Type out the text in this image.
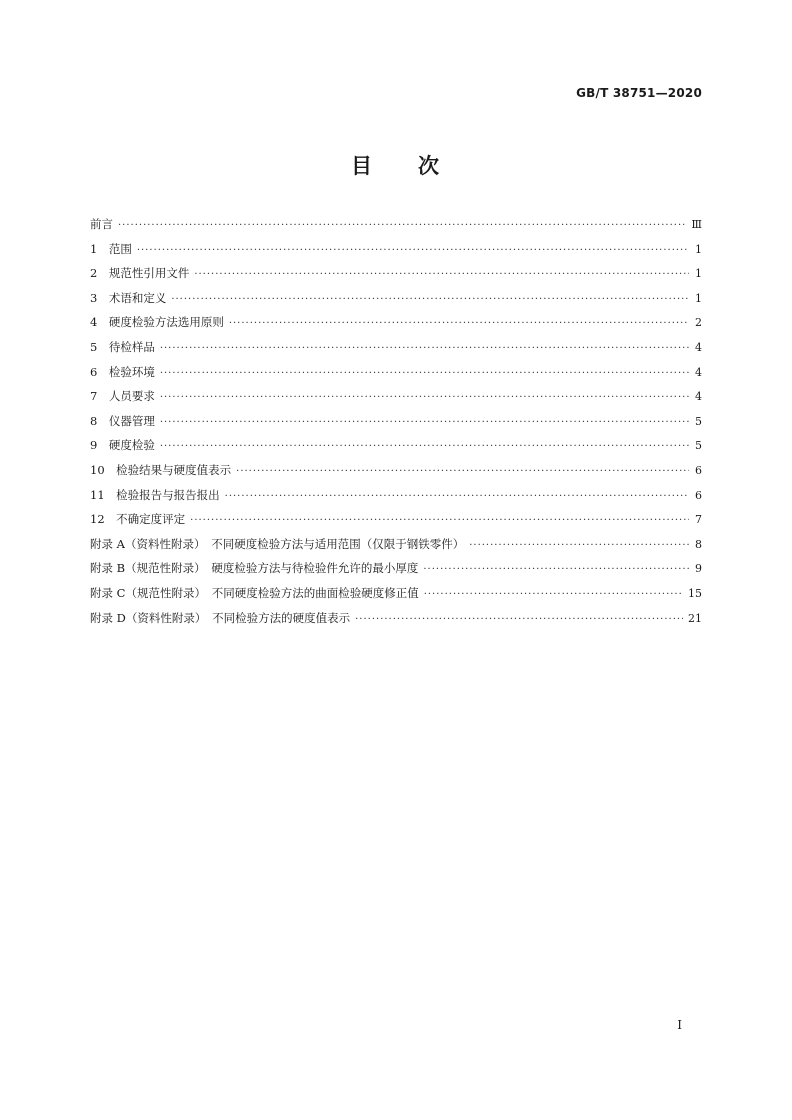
GB/T 38751—2020
目 次
前言 ·····	Ⅲ
1　范围 ·····	1
2　规范性引用文件 ·····	1
3　术语和定义 ·····	1
4　硬度检验方法选用原则 ·····	2
5　待检样品 ·····	4
6　检验环境 ·····	4
7　人员要求 ·····	4
8　仪器管理 ·····	5
9　硬度检验 ·····	5
10　检验结果与硬度值表示 ·····	6
11　检验报告与报告报出 ·····	6
12　不确定度评定 ·····	7
附录 A（资料性附录）　不同硬度检验方法与适用范围（仅限于钢铁零件） ·····	8
附录 B（规范性附录）　硬度检验方法与待检验件允许的最小厚度 ·····	9
附录 C（规范性附录）　不同硬度检验方法的曲面检验硬度修正值 ·····	15
附录 D（资料性附录）　不同检验方法的硬度值表示 ·····	21
I
